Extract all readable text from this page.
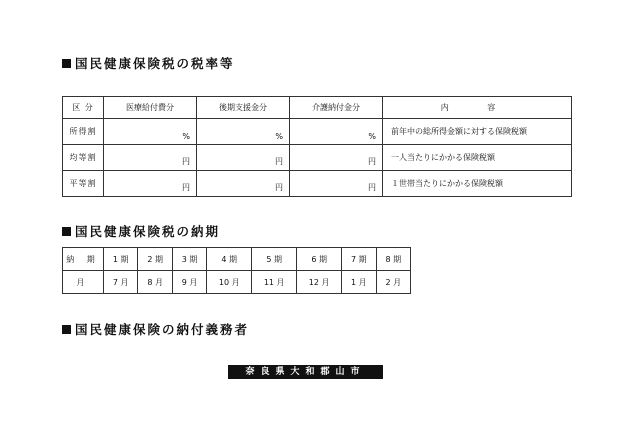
国民健康保険税の税率等
区 分	医療給付費分	後期支援金分	介護納付金分	内 容
所得割	%	%	%	前年中の総所得金額に対する保険税額
均等割	円	円	円	一人当たりにかかる保険税額
平等割	円	円	円	１世帯当たりにかかる保険税額
国民健康保険税の納期
納 期	1 期	2 期	3 期	4 期	5 期	6 期	7 期	8 期
月	7 月	8 月	9 月	10 月	11 月	12 月	1 月	2 月
国民健康保険の納付義務者
奈良県大和郡山市
